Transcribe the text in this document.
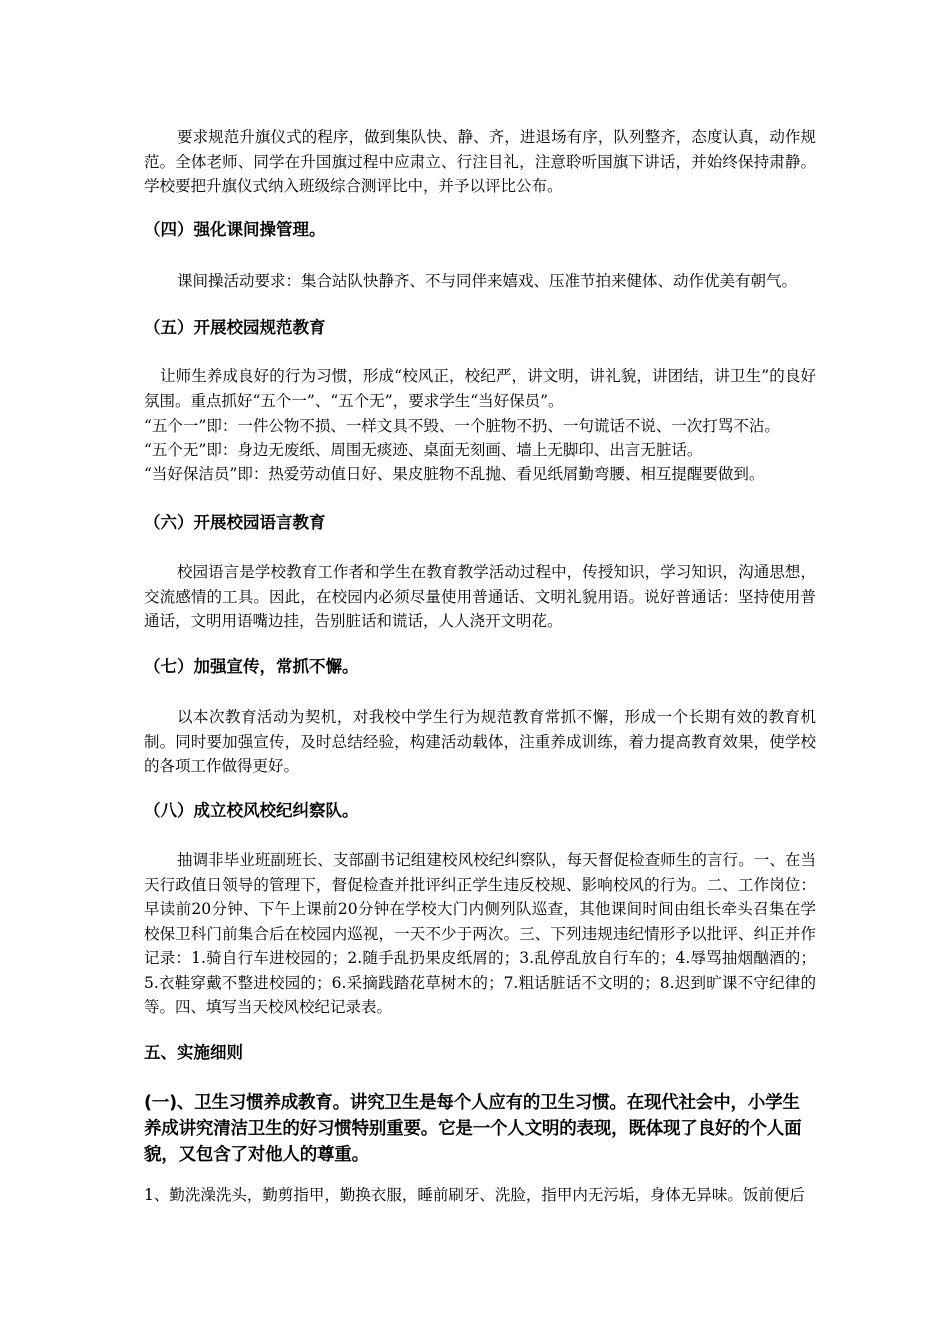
要求规范升旗仪式的程序，做到集队快、静、齐，进退场有序，队列整齐，态度认真，动作规范。全体老师、同学在升国旗过程中应肃立、行注目礼，注意聆听国旗下讲话，并始终保持肃静。学校要把升旗仪式纳入班级综合测评比中，并予以评比公布。

（四）强化课间操管理。

课间操活动要求：集合站队快静齐、不与同伴来嬉戏、压准节拍来健体、动作优美有朝气。

（五）开展校园规范教育

让师生养成良好的行为习惯，形成“校风正，校纪严，讲文明，讲礼貌，讲团结，讲卫生”的良好氛围。重点抓好“五个一”、“五个无”，要求学生“当好保员”。

“五个一”即：一件公物不损、一样文具不毁、一个脏物不扔、一句谎话不说、一次打骂不沾。

“五个无”即：身边无废纸、周围无痰迹、桌面无刻画、墙上无脚印、出言无脏话。

“当好保洁员”即：热爱劳动值日好、果皮脏物不乱抛、看见纸屑勤弯腰、相互提醒要做到。

（六）开展校园语言教育

校园语言是学校教育工作者和学生在教育教学活动过程中，传授知识，学习知识，沟通思想，交流感情的工具。因此，在校园内必须尽量使用普通话、文明礼貌用语。说好普通话：坚持使用普通话，文明用语嘴边挂，告别脏话和谎话，人人浇开文明花。

（七）加强宣传，常抓不懈。

以本次教育活动为契机，对我校中学生行为规范教育常抓不懈，形成一个长期有效的教育机制。同时要加强宣传，及时总结经验，构建活动载体，注重养成训练，着力提高教育效果，使学校的各项工作做得更好。

（八）成立校风校纪纠察队。

抽调非毕业班副班长、支部副书记组建校风校纪纠察队，每天督促检查师生的言行。一、在当天行政值日领导的管理下，督促检查并批评纠正学生违反校规、影响校风的行为。二、工作岗位：早读前20分钟、下午上课前20分钟在学校大门内侧列队巡查，其他课间时间由组长牵头召集在学校保卫科门前集合后在校园内巡视，一天不少于两次。三、下列违规违纪情形予以批评、纠正并作记录：1.骑自行车进校园的；2.随手乱扔果皮纸屑的；3.乱停乱放自行车的；4.辱骂抽烟酗酒的；5.衣鞋穿戴不整进校园的；6.采摘践踏花草树木的；7.粗话脏话不文明的；8.迟到旷课不守纪律的等。四、填写当天校风校纪记录表。

五、实施细则

(一)、卫生习惯养成教育。讲究卫生是每个人应有的卫生习惯。在现代社会中，小学生养成讲究清洁卫生的好习惯特别重要。它是一个人文明的表现，既体现了良好的个人面貌，又包含了对他人的尊重。

1、勤洗澡洗头，勤剪指甲，勤换衣服，睡前刷牙、洗脸，指甲内无污垢，身体无异味。饭前便后
